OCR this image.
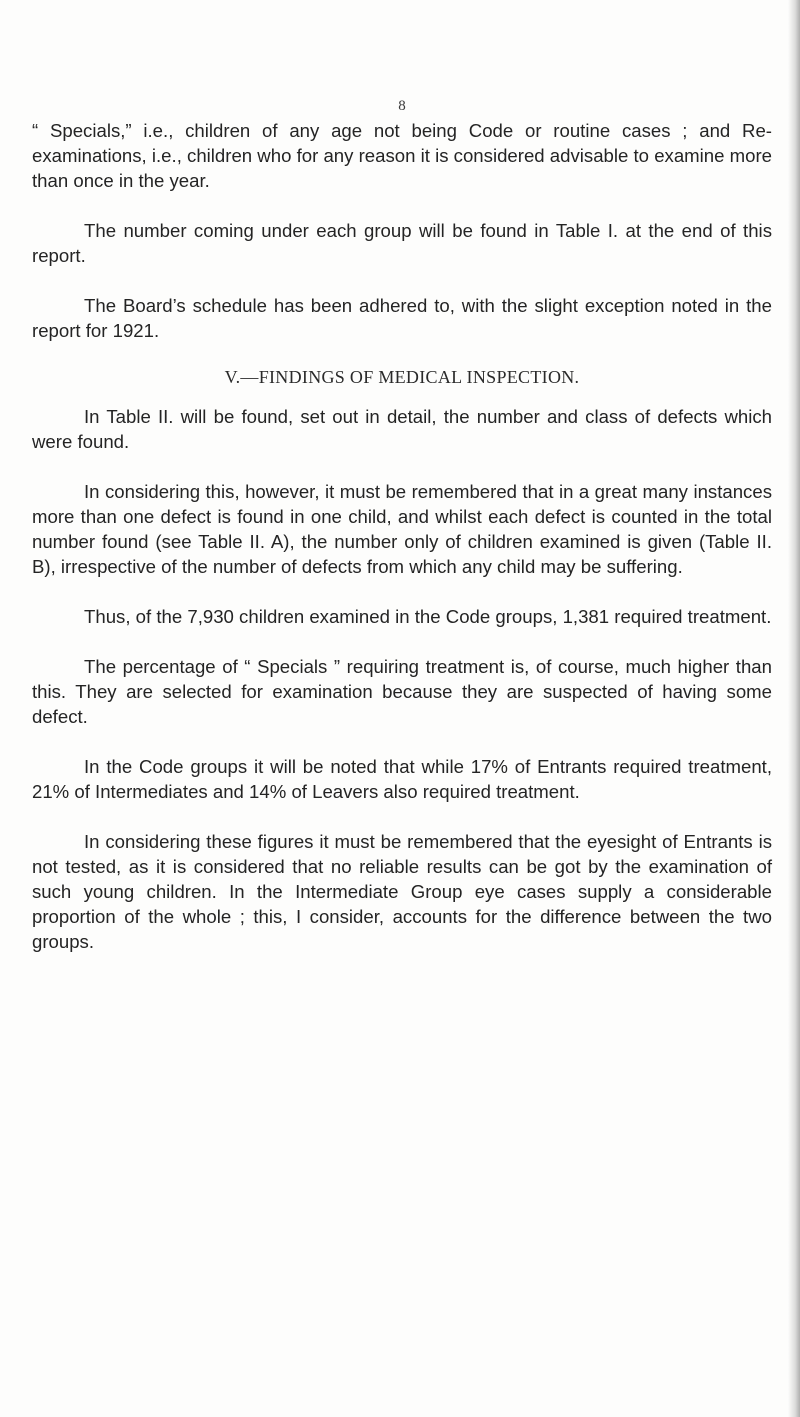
8

“ Specials,” i.e., children of any age not being Code or routine cases ; and Re-examinations, i.e., children who for any reason it is considered advisable to examine more than once in the year.

The number coming under each group will be found in Table I. at the end of this report.

The Board’s schedule has been adhered to, with the slight exception noted in the report for 1921.

V.—FINDINGS OF MEDICAL INSPECTION.

In Table II. will be found, set out in detail, the number and class of defects which were found.

In considering this, however, it must be remembered that in a great many instances more than one defect is found in one child, and whilst each defect is counted in the total number found (see Table II. A), the number only of children examined is given (Table II. B), irrespective of the number of defects from which any child may be suffering.

Thus, of the 7,930 children examined in the Code groups, 1,381 required treatment.

The percentage of “ Specials ” requiring treatment is, of course, much higher than this. They are selected for examination because they are suspected of having some defect.

In the Code groups it will be noted that while 17% of Entrants required treatment, 21% of Intermediates and 14% of Leavers also required treatment.

In considering these figures it must be remembered that the eyesight of Entrants is not tested, as it is considered that no reliable results can be got by the examination of such young children. In the Intermediate Group eye cases supply a considerable proportion of the whole ; this, I consider, accounts for the difference between the two groups.
